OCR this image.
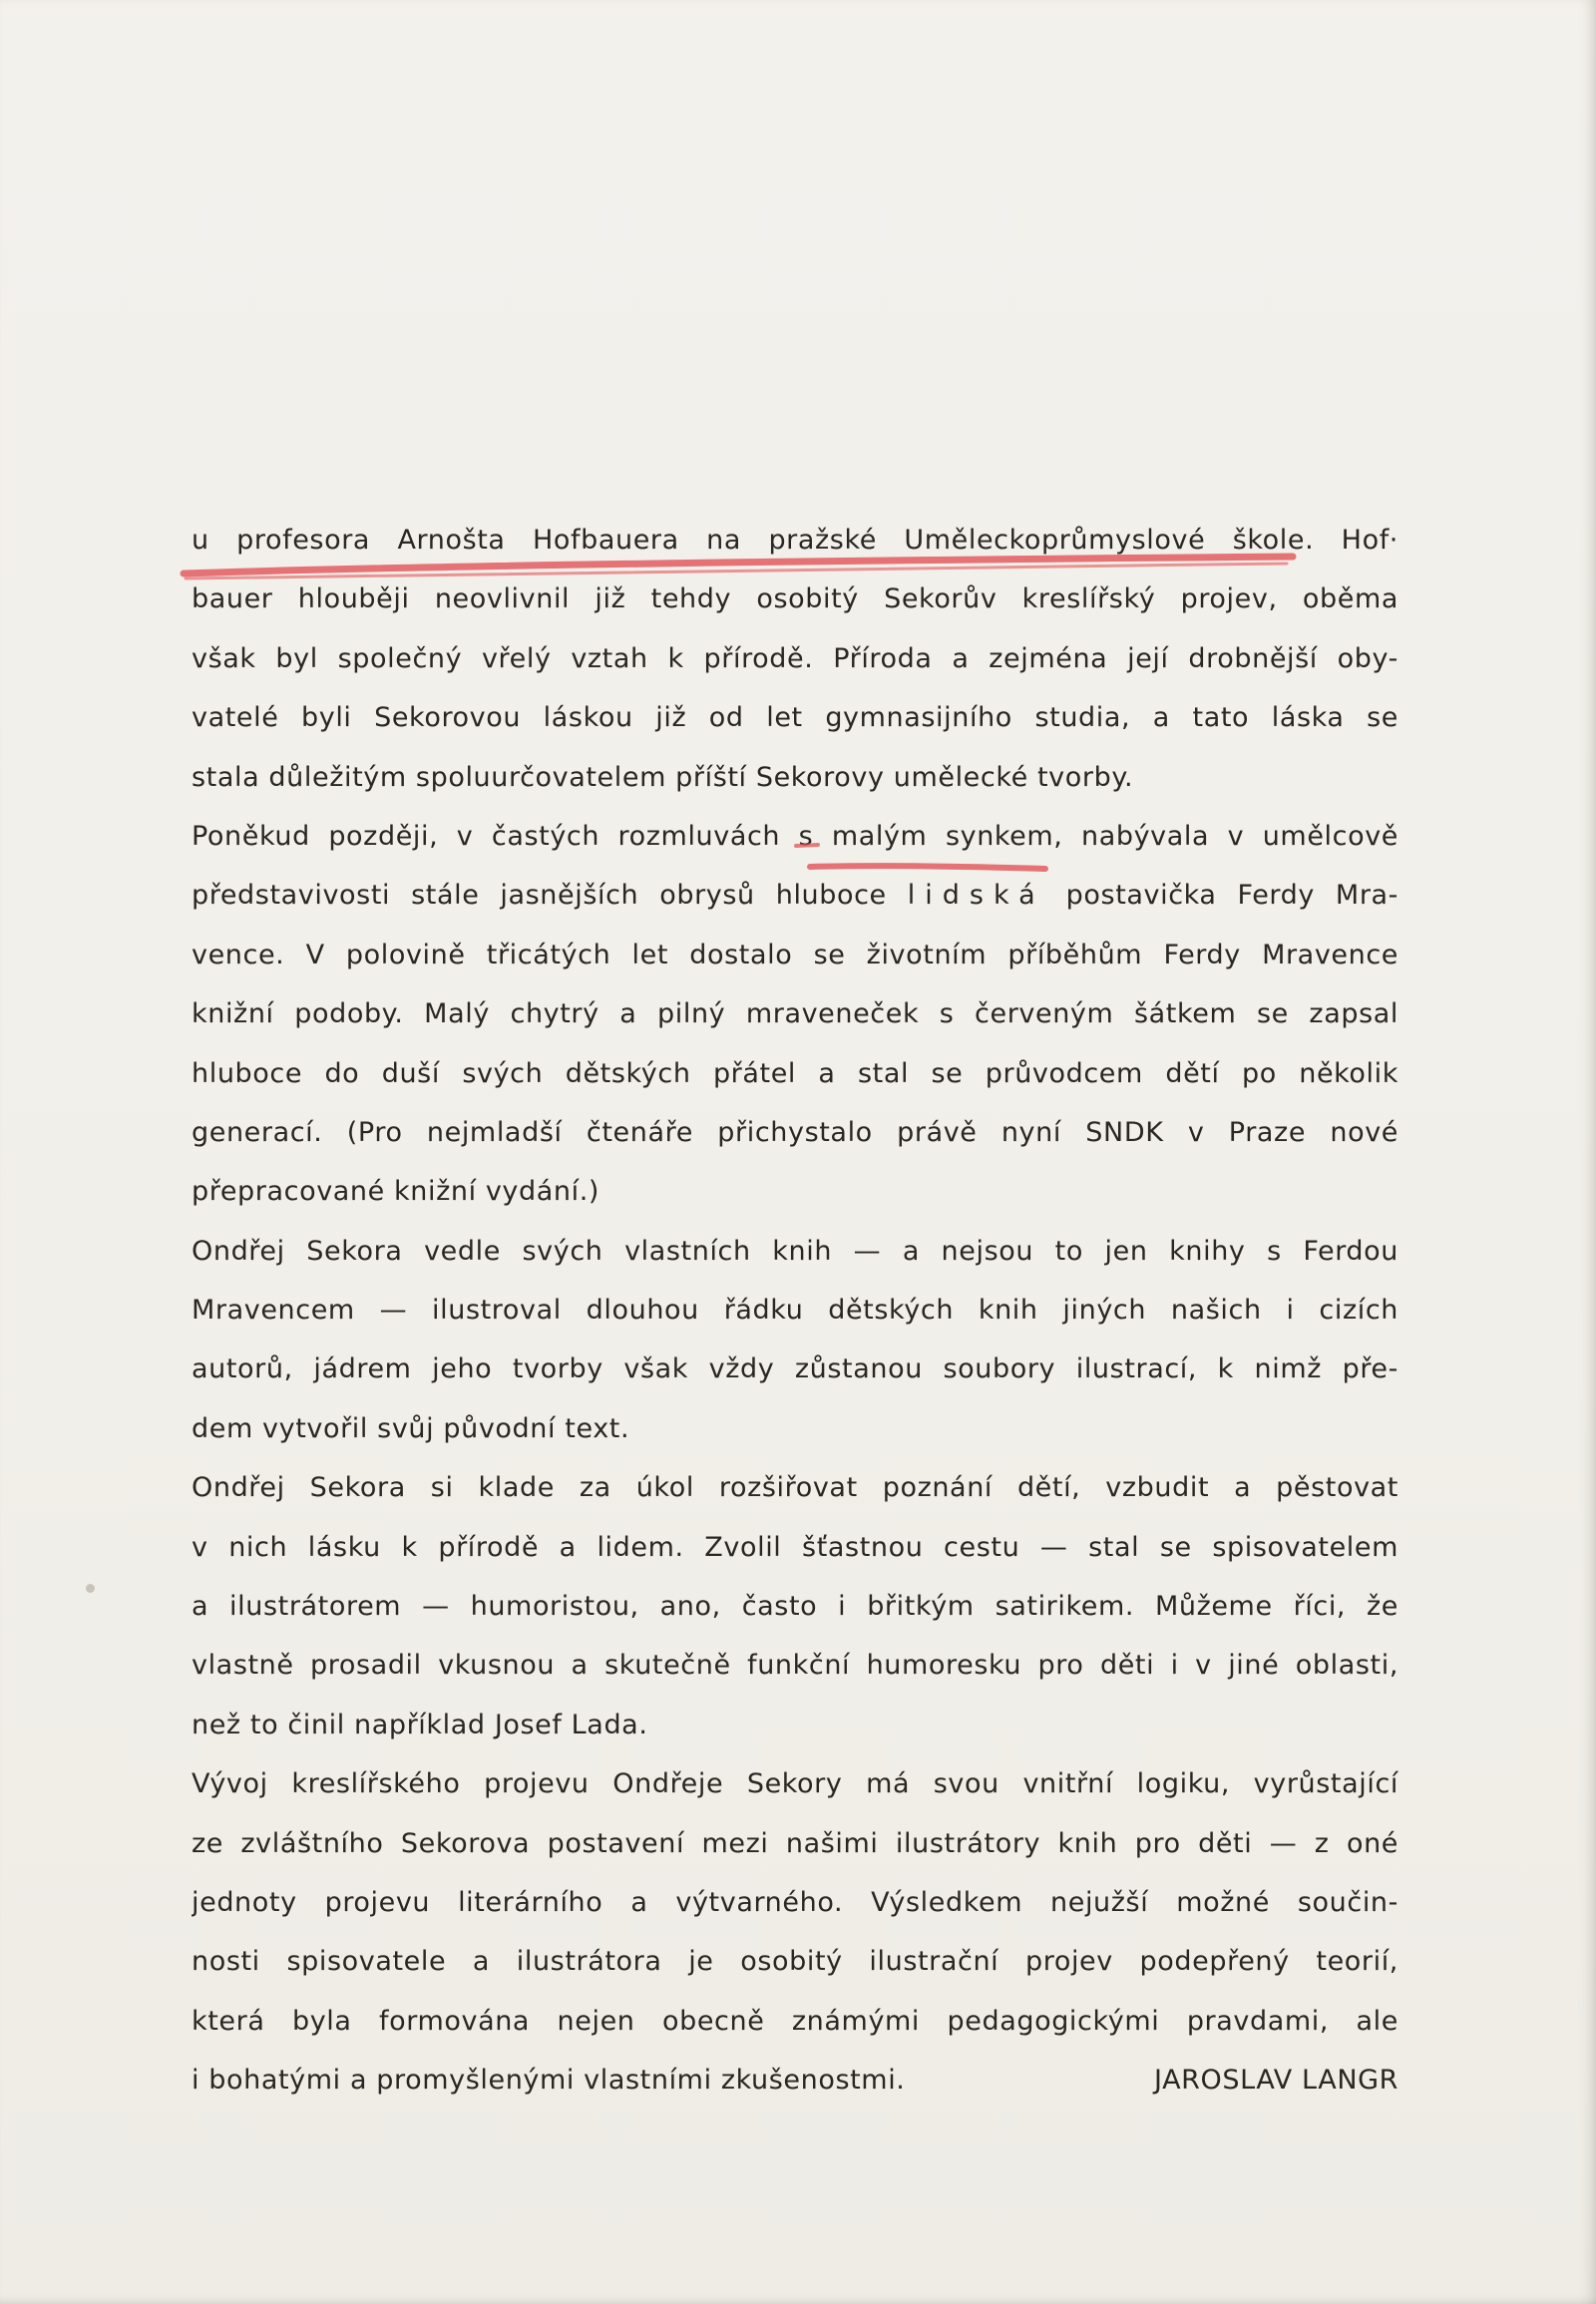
u profesora Arnošta Hofbauera na pražské Uměleckoprůmyslové škole. Hof·
bauer hlouběji neovlivnil již tehdy osobitý Sekorův kreslířský projev, oběma
však byl společný vřelý vztah k přírodě. Příroda a zejména její drobnější oby-
vatelé byli Sekorovou láskou již od let gymnasijního studia, a tato láska se
stala důležitým spoluurčovatelem příští Sekorovy umělecké tvorby.
Poněkud později, v častých rozmluvách s malým synkem, nabývala v umělcově
představivosti stále jasnějších obrysů hluboce lidská postavička Ferdy Mra-
vence. V polovině třicátých let dostalo se životním příběhům Ferdy Mravence
knižní podoby. Malý chytrý a pilný mraveneček s červeným šátkem se zapsal
hluboce do duší svých dětských přátel a stal se průvodcem dětí po několik
generací. (Pro nejmladší čtenáře přichystalo právě nyní SNDK v Praze nové
přepracované knižní vydání.)
Ondřej Sekora vedle svých vlastních knih — a nejsou to jen knihy s Ferdou
Mravencem — ilustroval dlouhou řádku dětských knih jiných našich i cizích
autorů, jádrem jeho tvorby však vždy zůstanou soubory ilustrací, k nimž pře-
dem vytvořil svůj původní text.
Ondřej Sekora si klade za úkol rozšiřovat poznání dětí, vzbudit a pěstovat
v nich lásku k přírodě a lidem. Zvolil šťastnou cestu — stal se spisovatelem
a ilustrátorem — humoristou, ano, často i břitkým satirikem. Můžeme říci, že
vlastně prosadil vkusnou a skutečně funkční humoresku pro děti i v jiné oblasti,
než to činil například Josef Lada.
Vývoj kreslířského projevu Ondřeje Sekory má svou vnitřní logiku, vyrůstající
ze zvláštního Sekorova postavení mezi našimi ilustrátory knih pro děti — z oné
jednoty projevu literárního a výtvarného. Výsledkem nejužší možné součin-
nosti spisovatele a ilustrátora je osobitý ilustrační projev podepřený teorií,
která byla formována nejen obecně známými pedagogickými pravdami, ale
i bohatými a promyšlenými vlastními zkušenostmi.	JAROSLAV LANGR
